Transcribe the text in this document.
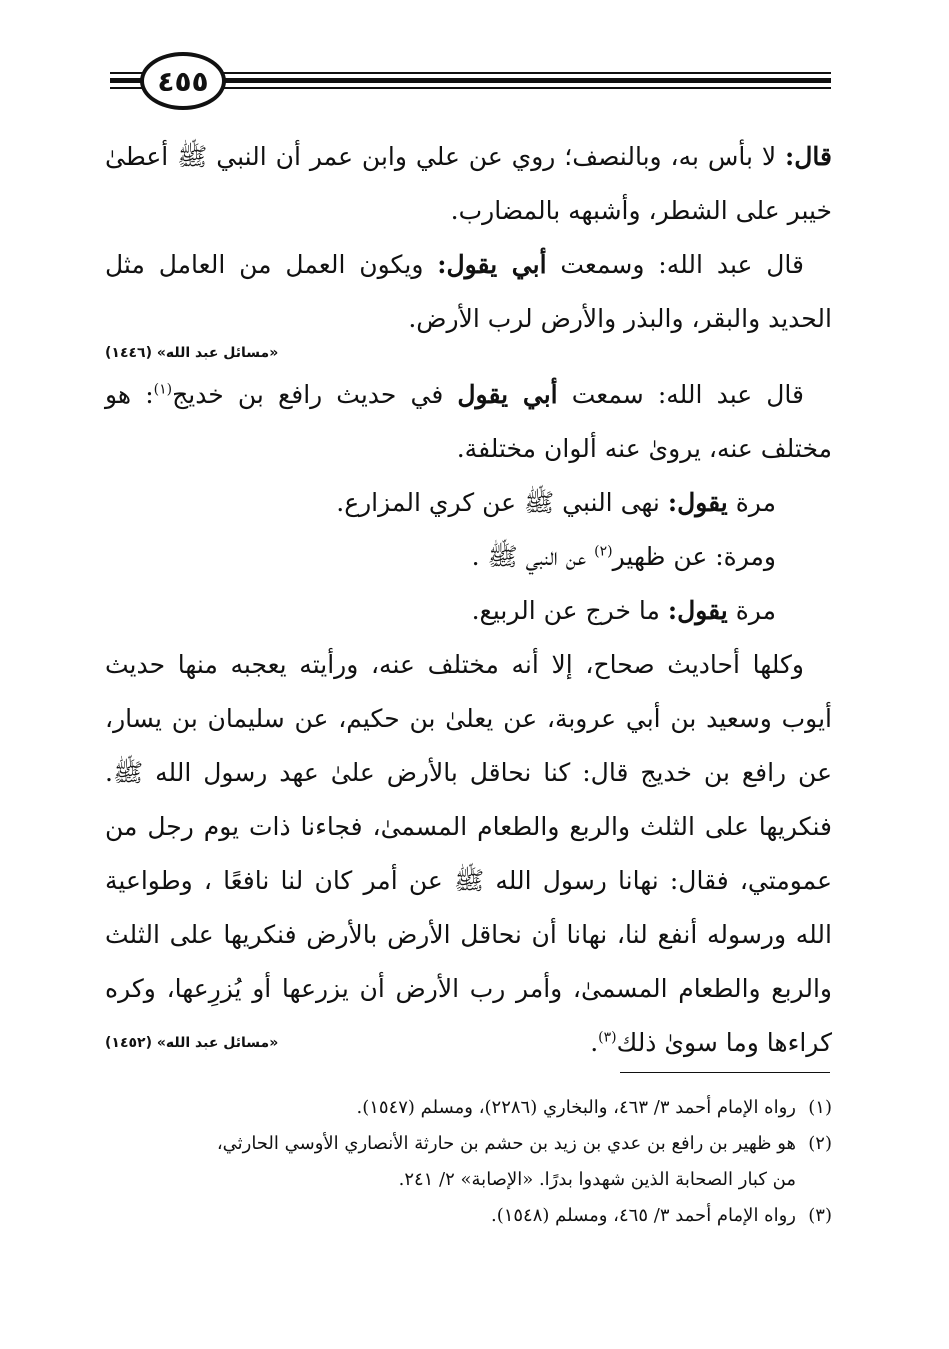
٤٥٥

قال: لا بأس به، وبالنصف؛ روي عن علي وابن عمر أن النبي ﷺ أعطىٰ خيبر على الشطر، وأشبهه بالمضارب.

قال عبد الله: وسمعت أبي يقول: ويكون العمل من العامل مثل الحديد والبقر، والبذر والأرض لرب الأرض.

«مسائل عبد الله» (١٤٤٦)

قال عبد الله: سمعت أبي يقول في حديث رافع بن خديج$^{(١)}$: هو مختلف عنه، يروىٰ عنه ألوان مختلفة.

مرة يقول: نهى النبي ﷺ عن كري المزارع.

ومرة: عن ظهير$^{(٢)}$ عن النبي ﷺ .

مرة يقول: ما خرج عن الربيع.

وكلها أحاديث صحاح، إلا أنه مختلف عنه، ورأيته يعجبه منها حديث أيوب وسعيد بن أبي عروبة، عن يعلىٰ بن حكيم، عن سليمان بن يسار، عن رافع بن خديج قال: كنا نحاقل بالأرض علىٰ عهد رسول الله ﷺ. فنكريها على الثلث والربع والطعام المسمىٰ، فجاءنا ذات يوم رجل من عمومتي، فقال: نهانا رسول الله ﷺ عن أمر كان لنا نافعًا ، وطواعية الله ورسوله أنفع لنا، نهانا أن نحاقل الأرض بالأرض فنكريها على الثلث والربع والطعام المسمىٰ، وأمر رب الأرض أن يزرعها أو يُزرِعها، وكره كراءها وما سوىٰ ذلك$^{(٣)}$.
«مسائل عبد الله» (١٤٥٢)

(١)رواه الإمام أحمد ٣/ ٤٦٣، والبخاري (٢٢٨٦)، ومسلم (١٥٤٧).

(٢)هو ظهير بن رافع بن عدي بن زيد بن حشم بن حارثة الأنصاري الأوسي الحارثي،

من كبار الصحابة الذين شهدوا بدرًا. «الإصابة» ٢/ ٢٤١.

(٣)رواه الإمام أحمد ٣/ ٤٦٥، ومسلم (١٥٤٨).
